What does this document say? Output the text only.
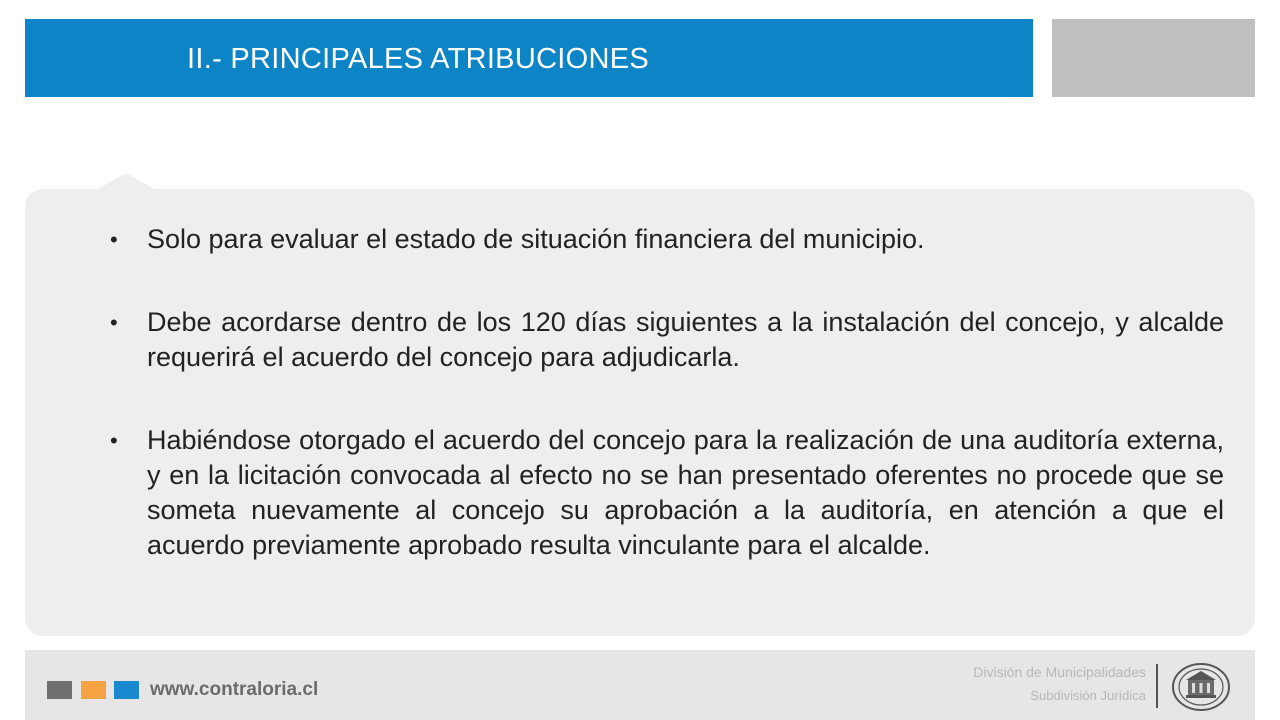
II.- PRINCIPALES ATRIBUCIONES
• Solo para evaluar el estado de situación financiera del municipio.
• Debe acordarse dentro de los 120 días siguientes a la instalación del concejo, y alcalde requerirá el acuerdo del concejo para adjudicarla.
• Habiéndose otorgado el acuerdo del concejo para la realización de una auditoría externa, y en la licitación convocada al efecto no se han presentado oferentes no procede que se someta nuevamente al concejo su aprobación a la auditoría, en atención a que el acuerdo previamente aprobado resulta vinculante para el alcalde.
www.contraloria.cl
División de Municipalidades
Subdivisión Jurídica
